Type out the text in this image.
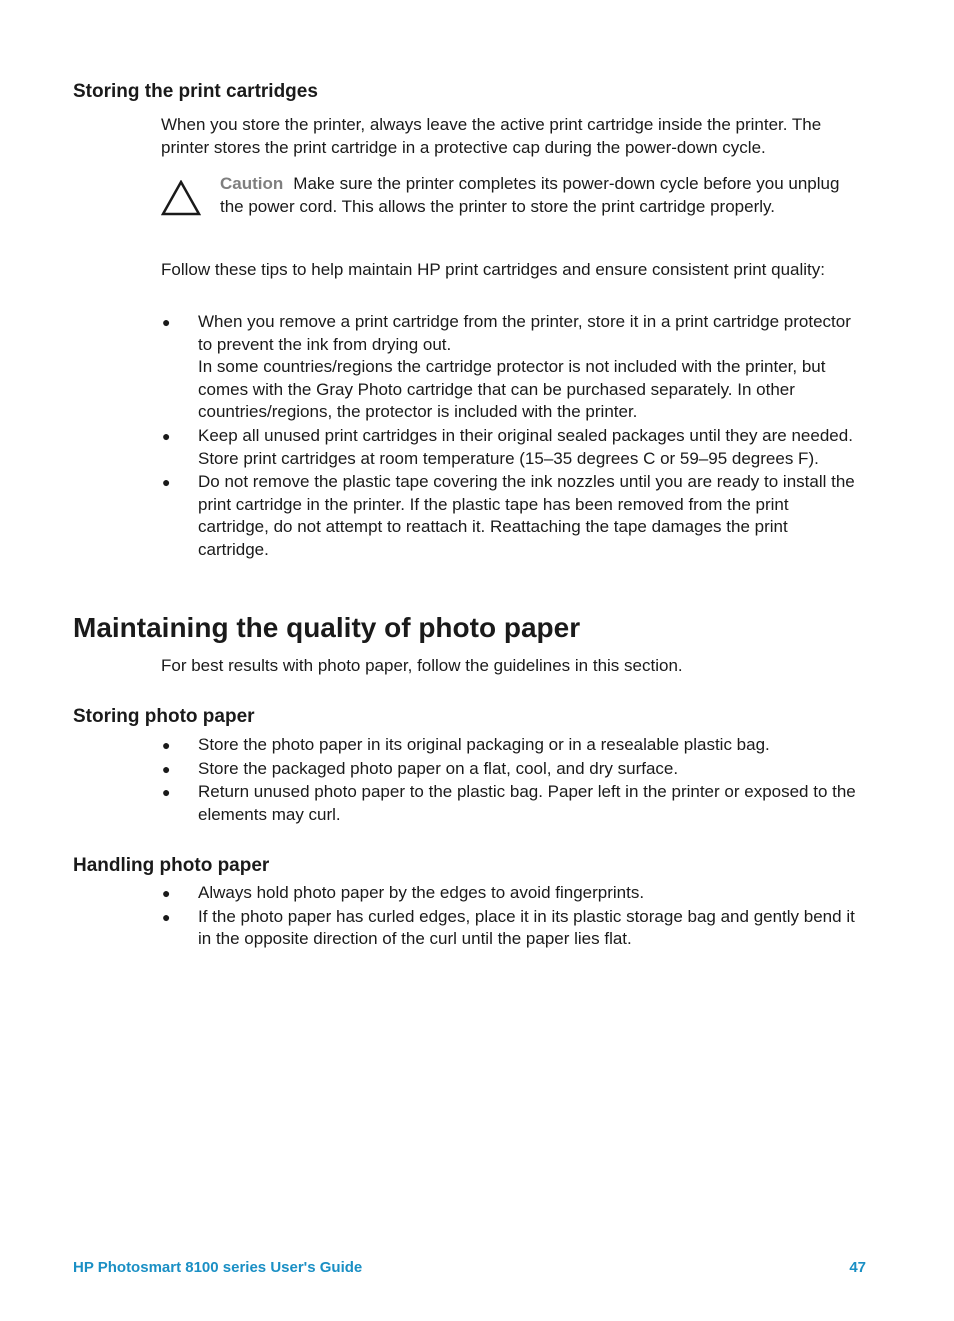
Storing the print cartridges

When you store the printer, always leave the active print cartridge inside the printer. The printer stores the print cartridge in a protective cap during the power-down cycle.

Caution Make sure the printer completes its power-down cycle before you unplug the power cord. This allows the printer to store the print cartridge properly.

Follow these tips to help maintain HP print cartridges and ensure consistent print quality:

● When you remove a print cartridge from the printer, store it in a print cartridge protector to prevent the ink from drying out.
In some countries/regions the cartridge protector is not included with the printer, but comes with the Gray Photo cartridge that can be purchased separately. In other countries/regions, the protector is included with the printer.
● Keep all unused print cartridges in their original sealed packages until they are needed. Store print cartridges at room temperature (15–35 degrees C or 59–95 degrees F).
● Do not remove the plastic tape covering the ink nozzles until you are ready to install the print cartridge in the printer. If the plastic tape has been removed from the print cartridge, do not attempt to reattach it. Reattaching the tape damages the print cartridge.
Maintaining the quality of photo paper

For best results with photo paper, follow the guidelines in this section.

Storing photo paper
● Store the photo paper in its original packaging or in a resealable plastic bag.
● Store the packaged photo paper on a flat, cool, and dry surface.
● Return unused photo paper to the plastic bag. Paper left in the printer or exposed to the elements may curl.
Handling photo paper
● Always hold photo paper by the edges to avoid fingerprints.
● If the photo paper has curled edges, place it in its plastic storage bag and gently bend it in the opposite direction of the curl until the paper lies flat.
HP Photosmart 8100 series User's Guide	47
